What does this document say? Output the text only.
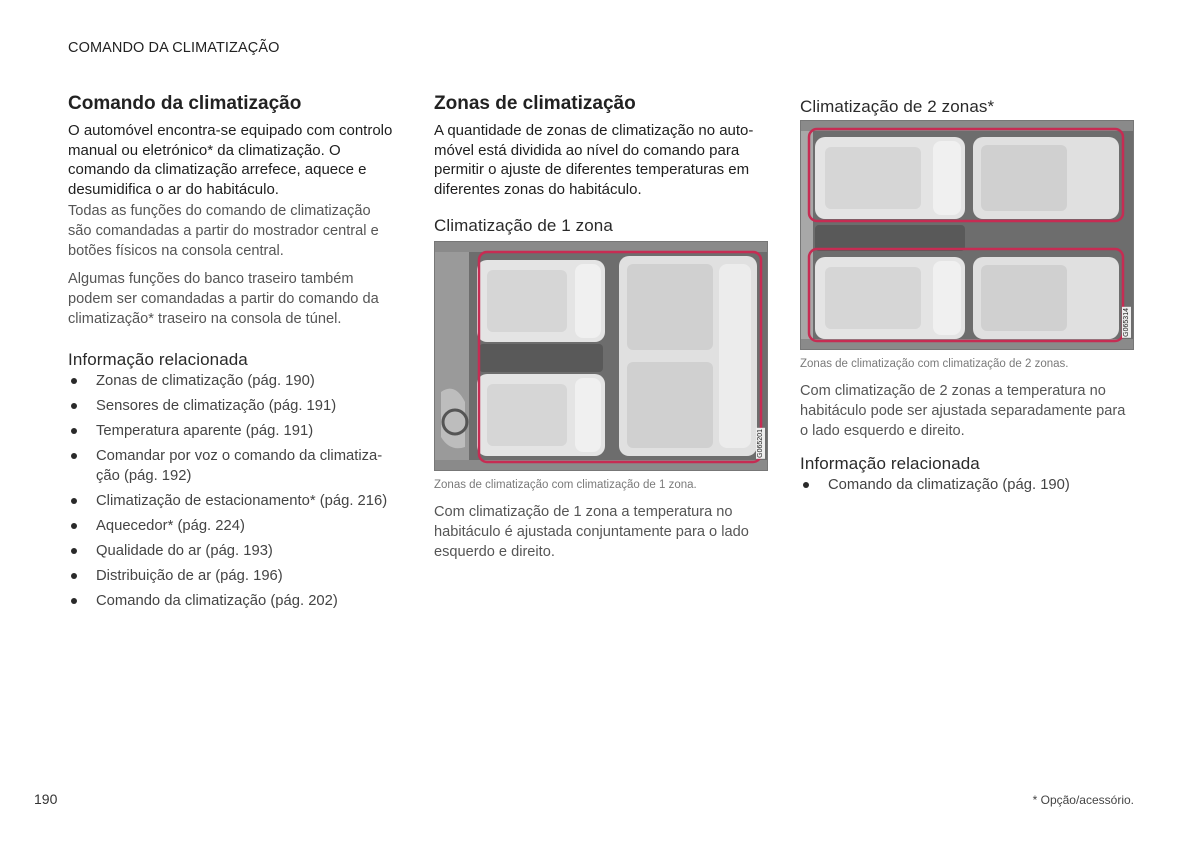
COMANDO DA CLIMATIZAÇÃO
Comando da climatização

O automóvel encontra-se equipado com controlo manual ou eletrónico* da climatização. O comando da climatização arrefece, aquece e desumidifica o ar do habitáculo.

Todas as funções do comando de climatização são comandadas a partir do mostrador central e botões físicos na consola central.

Algumas funções do banco traseiro também podem ser comandadas a partir do comando da climatização* traseiro na consola de túnel.

Informação relacionada
Zonas de climatização (pág. 190)
Sensores de climatização (pág. 191)
Temperatura aparente (pág. 191)
Comandar por voz o comando da climatização (pág. 192)
Climatização de estacionamento* (pág. 216)
Aquecedor* (pág. 224)
Qualidade do ar (pág. 193)
Distribuição de ar (pág. 196)
Comando da climatização (pág. 202)
Zonas de climatização

A quantidade de zonas de climatização no automóvel está dividida ao nível do comando para permitir o ajuste de diferentes temperaturas em diferentes zonas do habitáculo.

Climatização de 1 zona
G065201

Zonas de climatização com climatização de 1 zona.

Com climatização de 1 zona a temperatura no habitáculo é ajustada conjuntamente para o lado esquerdo e direito.

Climatização de 2 zonas*
G065314

Zonas de climatização com climatização de 2 zonas.

Com climatização de 2 zonas a temperatura no habitáculo pode ser ajustada separadamente para o lado esquerdo e direito.

Informação relacionada
Comando da climatização (pág. 190)
190	* Opção/acessório.
